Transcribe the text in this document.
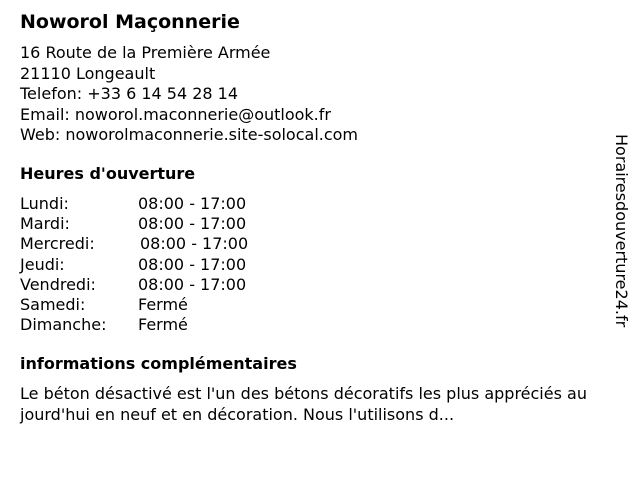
Noworol Maçonnerie
16 Route de la Première Armée
21110 Longeault
Telefon: +33 6 14 54 28 14
Email: noworol.maconnerie@outlook.fr
Web: noworolmaconnerie.site-solocal.com
Heures d'ouverture
Lundi:	08:00 - 17:00
Mardi:	08:00 - 17:00
Mercredi:	08:00 - 17:00
Jeudi:	08:00 - 17:00
Vendredi:	08:00 - 17:00
Samedi:	Fermé
Dimanche: Fermé
informations complémentaires
Le béton désactivé est l'un des bétons décoratifs les plus appréciés aujourd'hui en neuf et en décoration. Nous l'utilisons d...
Horairesdouverture24.fr
